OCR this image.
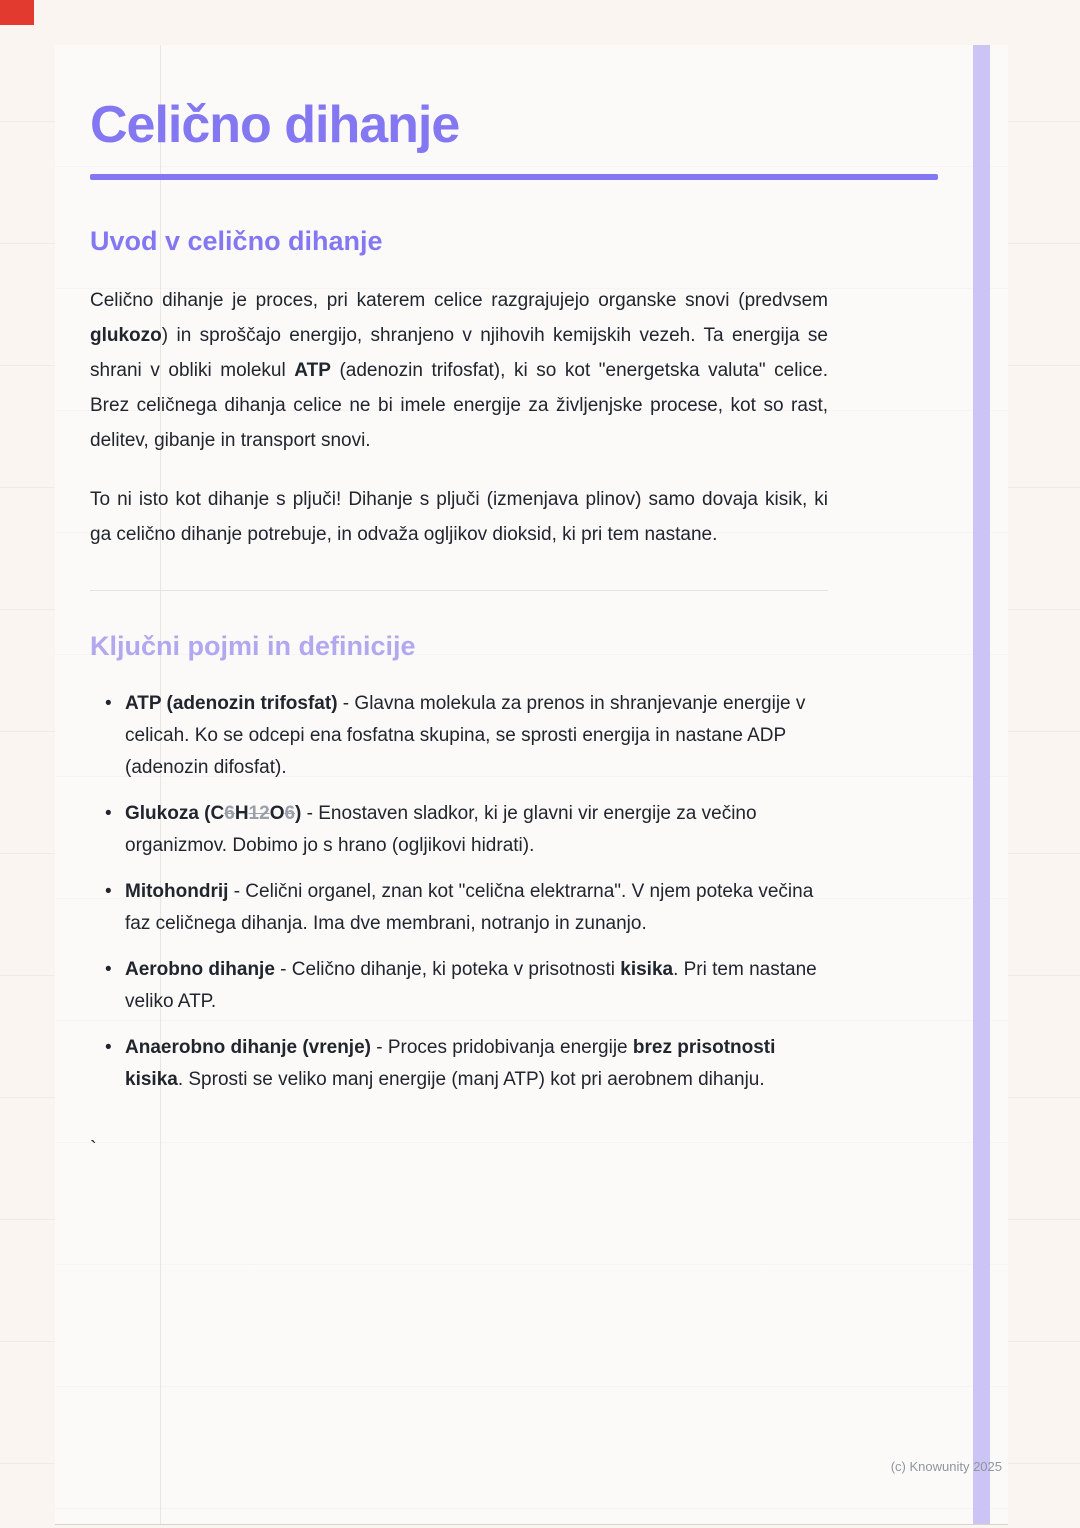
Celično dihanje
Uvod v celično dihanje

Celično dihanje je proces, pri katerem celice razgrajujejo organske snovi (predvsem glukozo) in sproščajo energijo, shranjeno v njihovih kemijskih vezeh. Ta energija se shrani v obliki molekul ATP (adenozin trifosfat), ki so kot "energetska valuta" celice. Brez celičnega dihanja celice ne bi imele energije za življenjske procese, kot so rast, delitev, gibanje in transport snovi.

To ni isto kot dihanje s pljuči! Dihanje s pljuči (izmenjava plinov) samo dovaja kisik, ki ga celično dihanje potrebuje, in odvaža ogljikov dioksid, ki pri tem nastane.

Ključni pojmi in definicije
• ATP (adenozin trifosfat) - Glavna molekula za prenos in shranjevanje energije v celicah. Ko se odcepi ena fosfatna skupina, se sprosti energija in nastane ADP (adenozin difosfat).
• Glukoza (C6H12O6) - Enostaven sladkor, ki je glavni vir energije za večino organizmov. Dobimo jo s hrano (ogljikovi hidrati).
• Mitohondrij - Celični organel, znan kot "celična elektrarna". V njem poteka večina faz celičnega dihanja. Ima dve membrani, notranjo in zunanjo.
• Aerobno dihanje - Celično dihanje, ki poteka v prisotnosti kisika. Pri tem nastane veliko ATP.
• Anaerobno dihanje (vrenje) - Proces pridobivanja energije brez prisotnosti kisika. Sprosti se veliko manj energije (manj ATP) kot pri aerobnem dihanju.
`
(c) Knowunity 2025
